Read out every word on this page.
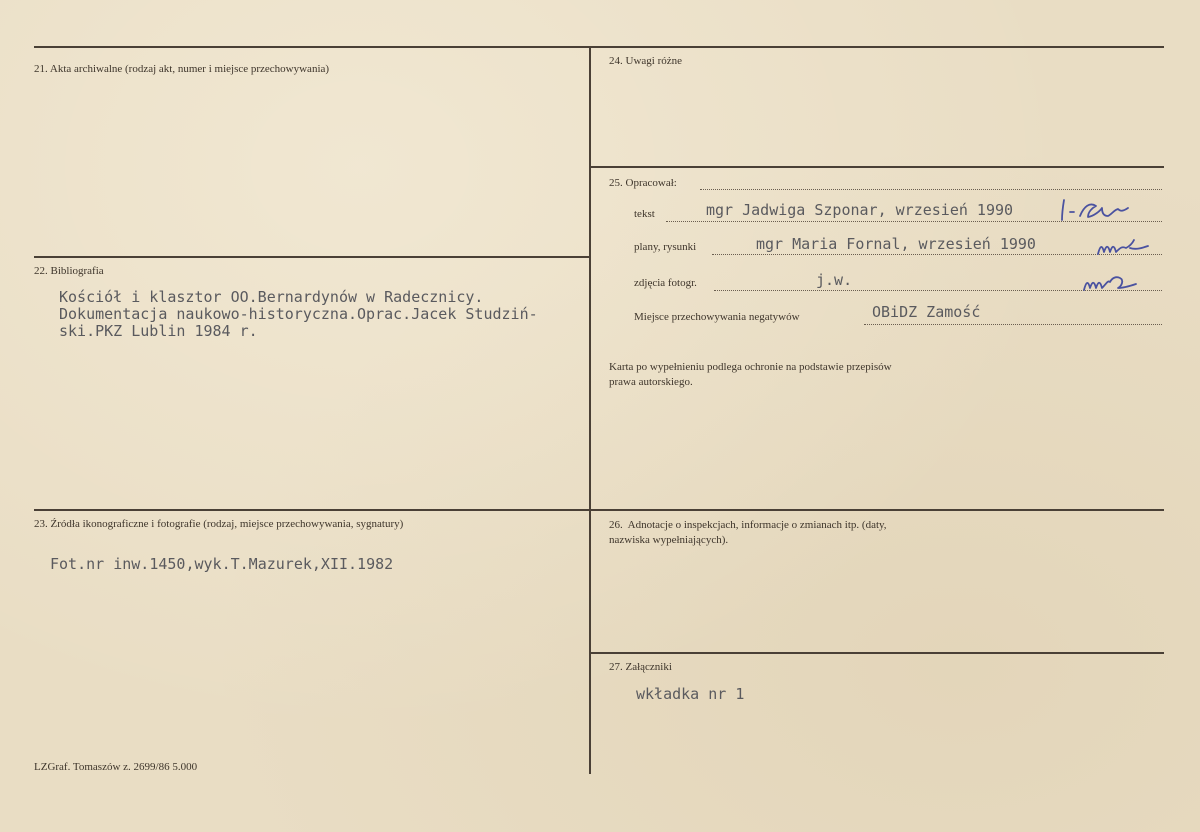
21. Akta archiwalne (rodzaj akt, numer i miejsce przechowywania)
22. Bibliografia
Kościół i klasztor OO.Bernardynów w Radecznicy.
Dokumentacja naukowo-historyczna.Oprac.Jacek Studziń-
ski.PKZ Lublin 1984 r.
23. Źródła ikonograficzne i fotografie (rodzaj, miejsce przechowywania, sygnatury)
Fot.nr inw.1450,wyk.T.Mazurek,XII.1982
24. Uwagi różne
25. Opracował:
tekst	mgr Jadwiga Szponar, wrzesień 1990
plany, rysunki	mgr Maria Fornal, wrzesień 1990
zdjęcia fotogr.	j.w.
Miejsce przechowywania negatywów	OBiDZ Zamość
Karta po wypełnieniu podlega ochronie na podstawie przepisów
prawa autorskiego.
26.  Adnotacje o inspekcjach, informacje o zmianach itp. (daty,
nazwiska wypełniających).
27. Załączniki
wkładka nr 1
LZGraf. Tomaszów z. 2699/86 5.000
